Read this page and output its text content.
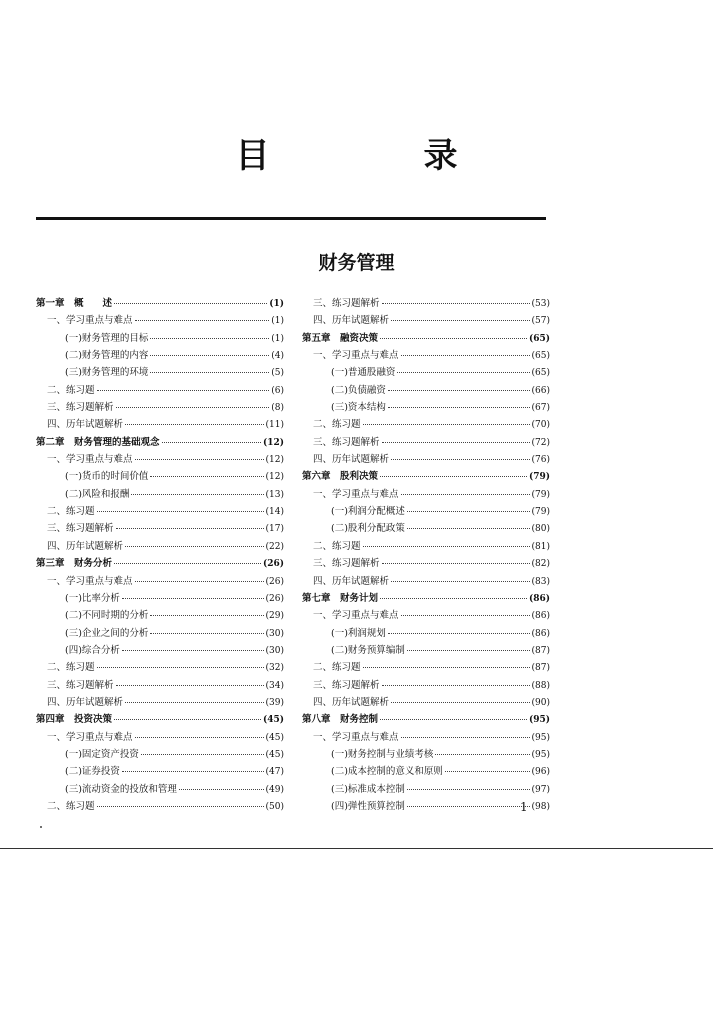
目　录
财务管理
第一章　概　　述	(1)
一、学习重点与难点	(1)
(一)财务管理的目标	(1)
(二)财务管理的内容	(4)
(三)财务管理的环境	(5)
二、练习题	(6)
三、练习题解析	(8)
四、历年试题解析	(11)
第二章　财务管理的基础观念	(12)
一、学习重点与难点	(12)
(一)货币的时间价值	(12)
(二)风险和报酬	(13)
二、练习题	(14)
三、练习题解析	(17)
四、历年试题解析	(22)
第三章　财务分析	(26)
一、学习重点与难点	(26)
(一)比率分析	(26)
(二)不同时期的分析	(29)
(三)企业之间的分析	(30)
(四)综合分析	(30)
二、练习题	(32)
三、练习题解析	(34)
四、历年试题解析	(39)
第四章　投资决策	(45)
一、学习重点与难点	(45)
(一)固定资产投资	(45)
(二)证券投资	(47)
(三)流动资金的投放和管理	(49)
二、练习题	(50)
三、练习题解析	(53)
四、历年试题解析	(57)
第五章　融资决策	(65)
一、学习重点与难点	(65)
(一)普通股融资	(65)
(二)负债融资	(66)
(三)资本结构	(67)
二、练习题	(70)
三、练习题解析	(72)
四、历年试题解析	(76)
第六章　股利决策	(79)
一、学习重点与难点	(79)
(一)利润分配概述	(79)
(二)股利分配政策	(80)
二、练习题	(81)
三、练习题解析	(82)
四、历年试题解析	(83)
第七章　财务计划	(86)
一、学习重点与难点	(86)
(一)利润规划	(86)
(二)财务预算编制	(87)
二、练习题	(87)
三、练习题解析	(88)
四、历年试题解析	(90)
第八章　财务控制	(95)
一、学习重点与难点	(95)
(一)财务控制与业绩考核	(95)
(二)成本控制的意义和原则	(96)
(三)标准成本控制	(97)
(四)弹性预算控制	(98)

1
